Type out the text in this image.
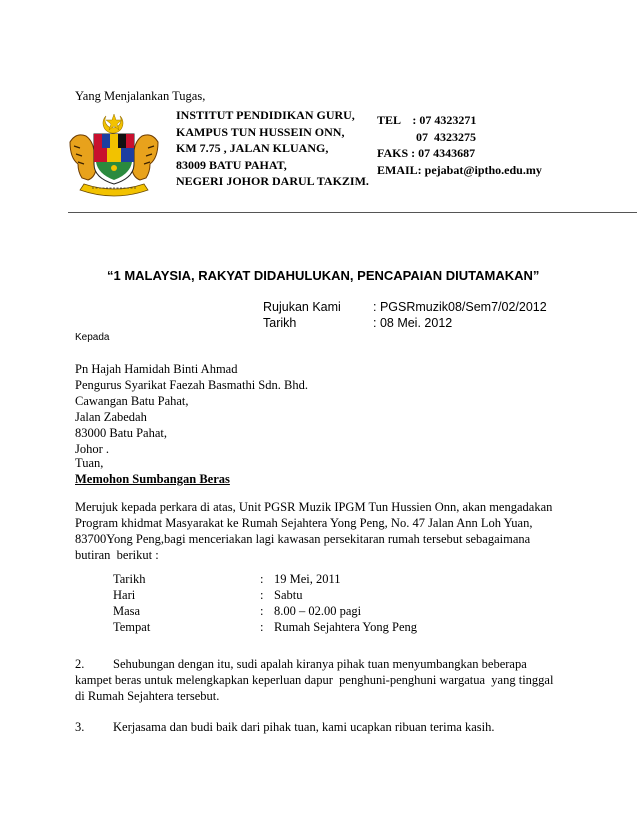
Yang Menjalankan Tugas,
INSTITUT PENDIDIKAN GURU,
KAMPUS TUN HUSSEIN ONN,
KM 7.75 , JALAN KLUANG,
83009 BATU PAHAT,
NEGERI JOHOR DARUL TAKZIM.
TEL    : 07 4323271
07  4323275
FAKS : 07 4343687
EMAIL: pejabat@iptho.edu.my
“1 MALAYSIA, RAKYAT DIDAHULUKAN, PENCAPAIAN DIUTAMAKAN”
Rujukan Kami	: PGSRmuzik08/Sem7/02/2012
Tarikh	: 08 Mei. 2012
Kepada
Pn Hajah Hamidah Binti Ahmad
Pengurus Syarikat Faezah Basmathi Sdn. Bhd.
Cawangan Batu Pahat,
Jalan Zabedah
83000 Batu Pahat,
Johor .
Tuan,
Memohon Sumbangan Beras
Merujuk kepada perkara di atas, Unit PGSR Muzik IPGM Tun Hussien Onn, akan mengadakan
Program khidmat Masyarakat ke Rumah Sejahtera Yong Peng, No. 47 Jalan Ann Loh Yuan,
83700Yong Peng,bagi menceriakan lagi kawasan persekitaran rumah tersebut sebagaimana
butiran  berikut :
Tarikh	: 19 Mei, 2011
Hari	: Sabtu
Masa	: 8.00 – 02.00 pagi
Tempat	: Rumah Sejahtera Yong Peng
2. Sehubungan dengan itu, sudi apalah kiranya pihak tuan menyumbangkan beberapa
kampet beras untuk melengkapkan keperluan dapur  penghuni-penghuni wargatua  yang tinggal
di Rumah Sejahtera tersebut.
3. Kerjasama dan budi baik dari pihak tuan, kami ucapkan ribuan terima kasih.
